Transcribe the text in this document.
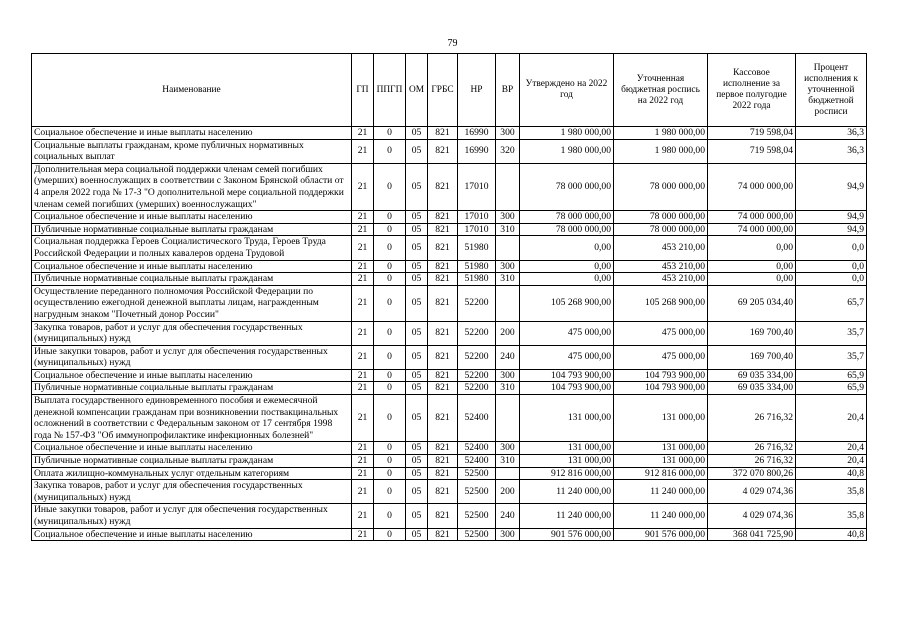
79
Наименование	ГП	ППГП	ОМ	ГРБС	НР	ВР	Утверждено на 2022 год	Уточненная бюджетная роспись на 2022 год	Кассовое исполнение за первое полугодие 2022 года	Процент исполнения к уточненной бюджетной росписи
Социальное обеспечение и иные выплаты населению	21	0	05	821	16990	300	1 980 000,00	1 980 000,00	719 598,04	36,3
Социальные выплаты гражданам, кроме публичных нормативных социальных выплат	21	0	05	821	16990	320	1 980 000,00	1 980 000,00	719 598,04	36,3
Дополнительная мера социальной поддержки членам семей погибших (умерших) военнослужащих в соответствии с Законом Брянской области от 4 апреля 2022 года № 17-З "О дополнительной мере социальной поддержки членам семей погибших (умерших) военнослужащих"	21	0	05	821	17010		78 000 000,00	78 000 000,00	74 000 000,00	94,9
Социальное обеспечение и иные выплаты населению	21	0	05	821	17010	300	78 000 000,00	78 000 000,00	74 000 000,00	94,9
Публичные нормативные социальные выплаты гражданам	21	0	05	821	17010	310	78 000 000,00	78 000 000,00	74 000 000,00	94,9
Социальная поддержка Героев Социалистического Труда, Героев Труда Российской Федерации и полных кавалеров ордена Трудовой	21	0	05	821	51980		0,00	453 210,00	0,00	0,0
Социальное обеспечение и иные выплаты населению	21	0	05	821	51980	300	0,00	453 210,00	0,00	0,0
Публичные нормативные социальные выплаты гражданам	21	0	05	821	51980	310	0,00	453 210,00	0,00	0,0
Осуществление переданного полномочия Российской Федерации по осуществлению ежегодной денежной выплаты лицам, награжденным нагрудным знаком "Почетный донор России"	21	0	05	821	52200		105 268 900,00	105 268 900,00	69 205 034,40	65,7
Закупка товаров, работ и услуг для обеспечения государственных (муниципальных) нужд	21	0	05	821	52200	200	475 000,00	475 000,00	169 700,40	35,7
Иные закупки товаров, работ и услуг для обеспечения государственных (муниципальных) нужд	21	0	05	821	52200	240	475 000,00	475 000,00	169 700,40	35,7
Социальное обеспечение и иные выплаты населению	21	0	05	821	52200	300	104 793 900,00	104 793 900,00	69 035 334,00	65,9
Публичные нормативные социальные выплаты гражданам	21	0	05	821	52200	310	104 793 900,00	104 793 900,00	69 035 334,00	65,9
Выплата государственного единовременного пособия и ежемесячной денежной компенсации гражданам при возникновении поствакцинальных осложнений в соответствии с Федеральным законом от 17 сентября 1998 года № 157-ФЗ "Об иммунопрофилактике инфекционных болезней"	21	0	05	821	52400		131 000,00	131 000,00	26 716,32	20,4
Социальное обеспечение и иные выплаты населению	21	0	05	821	52400	300	131 000,00	131 000,00	26 716,32	20,4
Публичные нормативные социальные выплаты гражданам	21	0	05	821	52400	310	131 000,00	131 000,00	26 716,32	20,4
Оплата жилищно-коммунальных услуг отдельным категориям	21	0	05	821	52500		912 816 000,00	912 816 000,00	372 070 800,26	40,8
Закупка товаров, работ и услуг для обеспечения государственных (муниципальных) нужд	21	0	05	821	52500	200	11 240 000,00	11 240 000,00	4 029 074,36	35,8
Иные закупки товаров, работ и услуг для обеспечения государственных (муниципальных) нужд	21	0	05	821	52500	240	11 240 000,00	11 240 000,00	4 029 074,36	35,8
Социальное обеспечение и иные выплаты населению	21	0	05	821	52500	300	901 576 000,00	901 576 000,00	368 041 725,90	40,8
